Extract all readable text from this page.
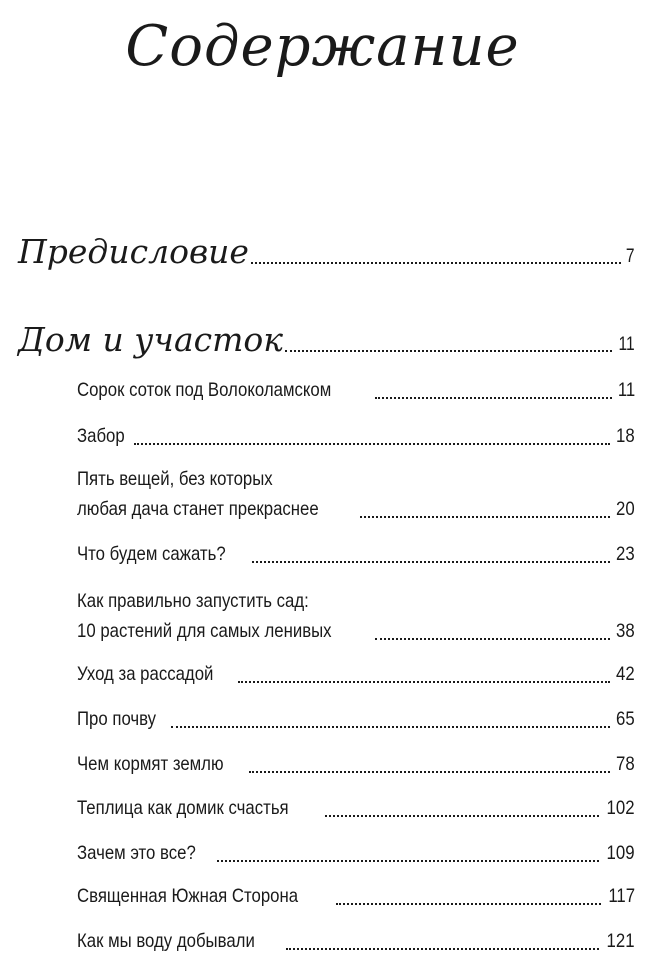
Содержание
Предисловие	7
Дом и участок	11
Сорок соток под Волоколамском	11
Забор	18
Пять вещей, без которых
любая дача станет прекраснее	20
Что будем сажать?	23
Как правильно запустить сад:
10 растений для самых ленивых	38
Уход за рассадой	42
Про почву	65
Чем кормят землю	78
Теплица как домик счастья	102
Зачем это все?	109
Священная Южная Сторона	117
Как мы воду добывали	121
